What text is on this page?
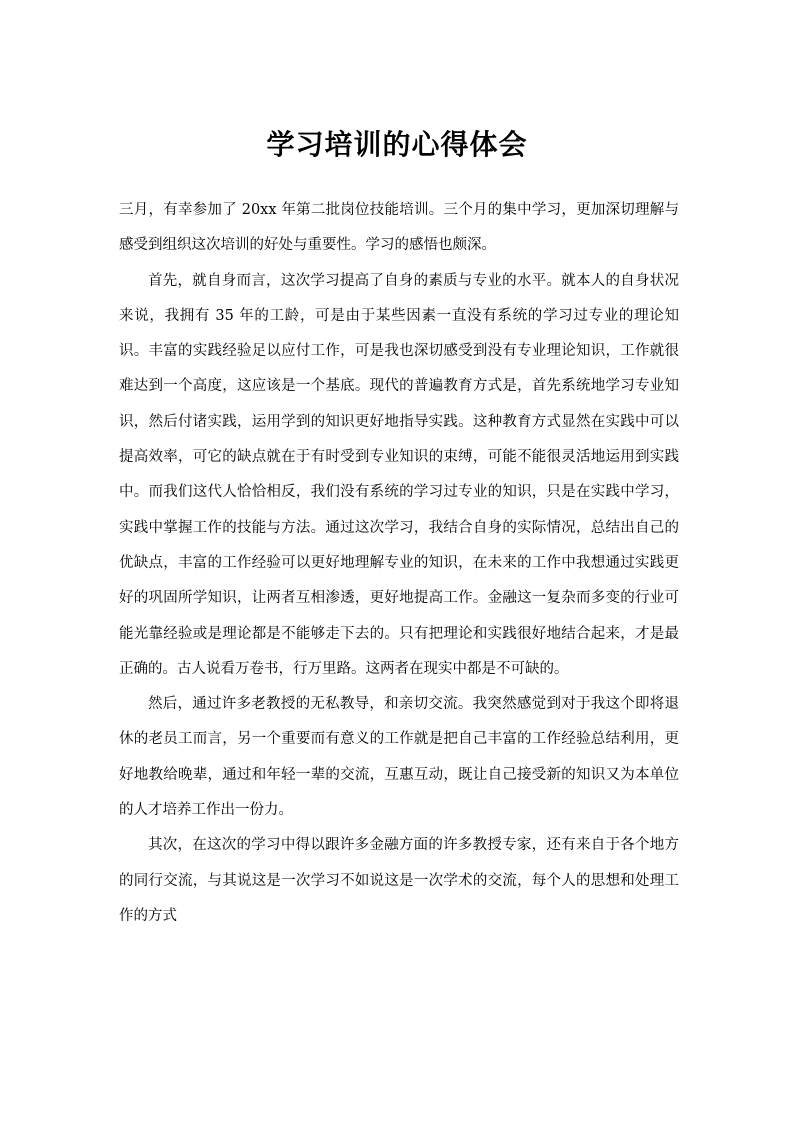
学习培训的心得体会

三月，有幸参加了 20xx 年第二批岗位技能培训。三个月的集中学习，更加深切理解与感受到组织这次培训的好处与重要性。学习的感悟也颇深。

首先，就自身而言，这次学习提高了自身的素质与专业的水平。就本人的自身状况来说，我拥有 35 年的工龄，可是由于某些因素一直没有系统的学习过专业的理论知识。丰富的实践经验足以应付工作，可是我也深切感受到没有专业理论知识，工作就很难达到一个高度，这应该是一个基底。现代的普遍教育方式是，首先系统地学习专业知识，然后付诸实践，运用学到的知识更好地指导实践。这种教育方式显然在实践中可以提高效率，可它的缺点就在于有时受到专业知识的束缚，可能不能很灵活地运用到实践中。而我们这代人恰恰相反，我们没有系统的学习过专业的知识，只是在实践中学习，实践中掌握工作的技能与方法。通过这次学习，我结合自身的实际情况，总结出自己的优缺点，丰富的工作经验可以更好地理解专业的知识，在未来的工作中我想通过实践更好的巩固所学知识，让两者互相渗透，更好地提高工作。金融这一复杂而多变的行业可能光靠经验或是理论都是不能够走下去的。只有把理论和实践很好地结合起来，才是最正确的。古人说看万卷书，行万里路。这两者在现实中都是不可缺的。

然后，通过许多老教授的无私教导，和亲切交流。我突然感觉到对于我这个即将退休的老员工而言，另一个重要而有意义的工作就是把自己丰富的工作经验总结利用，更好地教给晚辈，通过和年轻一辈的交流，互惠互动，既让自己接受新的知识又为本单位的人才培养工作出一份力。

其次，在这次的学习中得以跟许多金融方面的许多教授专家，还有来自于各个地方的同行交流，与其说这是一次学习不如说这是一次学术的交流，每个人的思想和处理工作的方式
